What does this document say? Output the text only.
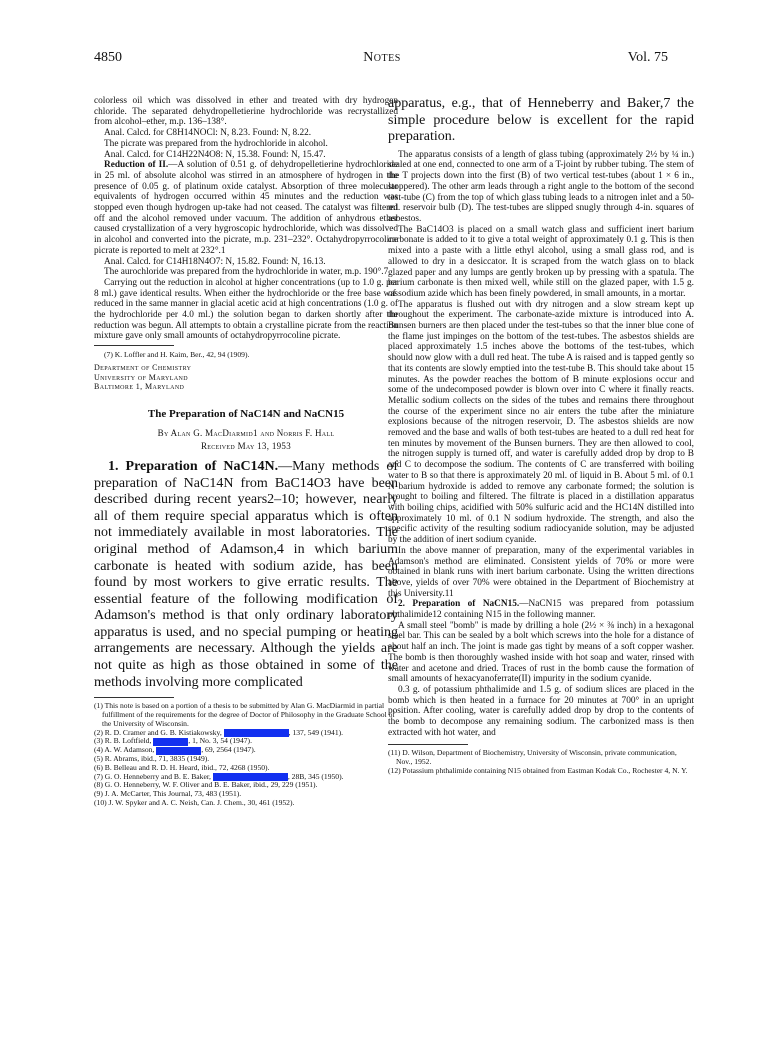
4850	Notes	Vol. 75

colorless oil which was dissolved in ether and treated with dry hydrogen chloride. The separated dehydropelletierine hydrochloride was recrystallized from alcohol–ether, m.p. 136–138°.

Anal. Calcd. for C8H14NOCl: N, 8.23. Found: N, 8.22.

The picrate was prepared from the hydrochloride in alcohol.

Anal. Calcd. for C14H22N4O8: N, 15.38. Found: N, 15.47.

Reduction of II.—A solution of 0.51 g. of dehydropelletierine hydrochloride in 25 ml. of absolute alcohol was stirred in an atmosphere of hydrogen in the presence of 0.05 g. of platinum oxide catalyst. Absorption of three molecular equivalents of hydrogen occurred within 45 minutes and the reduction was stopped even though hydrogen up-take had not ceased. The catalyst was filtered off and the alcohol removed under vacuum. The addition of anhydrous ether caused crystallization of a very hygroscopic hydrochloride, which was dissolved in alcohol and converted into the picrate, m.p. 231–232°. Octahydropyrrocoline picrate is reported to melt at 232°.1

Anal. Calcd. for C14H18N4O7: N, 15.82. Found: N, 16.13.

The aurochloride was prepared from the hydrochloride in water, m.p. 190°.7

Carrying out the reduction in alcohol at higher concentrations (up to 1.0 g. per 8 ml.) gave identical results. When either the hydrochloride or the free base was reduced in the same manner in glacial acetic acid at high concentrations (1.0 g. of the hydrochloride per 4.0 ml.) the solution began to darken shortly after the reduction was begun. All attempts to obtain a crystalline picrate from the reaction mixture gave only small amounts of octahydropyrrocoline picrate.

(7) K. Loffler and H. Kaim, Ber., 42, 94 (1909).

Department of Chemistry
University of Maryland
Baltimore 1, Maryland
The Preparation of NaC14N and NaCN15
By Alan G. MacDiarmid1 and Norris F. Hall
Received May 13, 1953

1. Preparation of NaC14N.—Many methods of preparation of NaC14N from BaC14O3 have been described during recent years2–10; however, nearly all of them require special apparatus which is often not immediately available in most laboratories. The original method of Adamson,4 in which barium carbonate is heated with sodium azide, has been found by most workers to give erratic results. The essential feature of the following modification of Adamson's method is that only ordinary laboratory apparatus is used, and no special pumping or heating arrangements are necessary. Although the yields are not quite as high as those obtained in some of the methods involving more complicated

(1) This note is based on a portion of a thesis to be submitted by Alan G. MacDiarmid in partial fulfillment of the requirements for the degree of Doctor of Philosophy in the Graduate School of the University of Wisconsin.

(2) R. D. Cramer and G. B. Kistiakowsky,	, 137, 549 (1941).

(3) R. B. Loftfield,	, 1, No. 3, 54 (1947).

(4) A. W. Adamson,	, 69, 2564 (1947).

(5) R. Abrams, ibid., 71, 3835 (1949).

(6) B. Belleau and R. D. H. Heard, ibid., 72, 4268 (1950).

(7) G. O. Henneberry and B. E. Baker,	, 28B, 345 (1950).

(8) G. O. Henneberry, W. F. Oliver and B. E. Baker, ibid., 29, 229 (1951).

(9) J. A. McCarter, This Journal, 73, 483 (1951).

(10) J. W. Spyker and A. C. Neish, Can. J. Chem., 30, 461 (1952).

apparatus, e.g., that of Henneberry and Baker,7 the simple procedure below is excellent for the rapid preparation.

The apparatus consists of a length of glass tubing (approximately 2½ by ¼ in.) sealed at one end, connected to one arm of a T-joint by rubber tubing. The stem of the T projects down into the first (B) of two vertical test-tubes (about 1 × 6 in., stoppered). The other arm leads through a right angle to the bottom of the second test-tube (C) from the top of which glass tubing leads to a nitrogen inlet and a 50-ml. reservoir bulb (D). The test-tubes are slipped snugly through 4-in. squares of asbestos.

The BaC14O3 is placed on a small watch glass and sufficient inert barium carbonate is added to it to give a total weight of approximately 0.1 g. This is then mixed into a paste with a little ethyl alcohol, using a small glass rod, and is allowed to dry in a desiccator. It is scraped from the watch glass on to black glazed paper and any lumps are gently broken up by pressing with a spatula. The barium carbonate is then mixed well, while still on the glazed paper, with 1.5 g. of sodium azide which has been finely powdered, in small amounts, in a mortar.

The apparatus is flushed out with dry nitrogen and a slow stream kept up throughout the experiment. The carbonate-azide mixture is introduced into A. Bunsen burners are then placed under the test-tubes so that the inner blue cone of the flame just impinges on the bottom of the test-tubes. The asbestos shields are placed approximately 1.5 inches above the bottoms of the test-tubes, which should now glow with a dull red heat. The tube A is raised and is tapped gently so that its contents are slowly emptied into the test-tube B. This should take about 15 minutes. As the powder reaches the bottom of B minute explosions occur and some of the undecomposed powder is blown over into C where it finally reacts. Metallic sodium collects on the sides of the tubes and remains there throughout the course of the experiment since no air enters the tube after the miniature explosions because of the nitrogen reservoir, D. The asbestos shields are now removed and the base and walls of both test-tubes are heated to a dull red heat for ten minutes by movement of the Bunsen burners. They are then allowed to cool, the nitrogen supply is turned off, and water is carefully added drop by drop to B and C to decompose the sodium. The contents of C are transferred with boiling water to B so that there is approximately 20 ml. of liquid in B. About 5 ml. of 0.1 N barium hydroxide is added to remove any carbonate formed; the solution is brought to boiling and filtered. The filtrate is placed in a distillation apparatus with boiling chips, acidified with 50% sulfuric acid and the HC14N distilled into approximately 10 ml. of 0.1 N sodium hydroxide. The strength, and also the specific activity of the resulting sodium radiocyanide solution, may be adjusted by the addition of inert sodium cyanide.

In the above manner of preparation, many of the experimental variables in Adamson's method are eliminated. Consistent yields of 70% or more were obtained in blank runs with inert barium carbonate. Using the written directions above, yields of over 70% were obtained in the Department of Biochemistry at this University.11

2. Preparation of NaCN15.—NaCN15 was prepared from potassium phthalimide12 containing N15 in the following manner.

A small steel "bomb" is made by drilling a hole (2½ × ⅜ inch) in a hexagonal steel bar. This can be sealed by a bolt which screws into the hole for a distance of about half an inch. The joint is made gas tight by means of a soft copper washer. The bomb is then thoroughly washed inside with hot soap and water, rinsed with water and acetone and dried. Traces of rust in the bomb cause the formation of small amounts of hexacyanoferrate(II) impurity in the sodium cyanide.

0.3 g. of potassium phthalimide and 1.5 g. of sodium slices are placed in the bomb which is then heated in a furnace for 20 minutes at 700° in an upright position. After cooling, water is carefully added drop by drop to the contents of the bomb to decompose any remaining sodium. The carbonized mass is then extracted with hot water, and

(11) D. Wilson, Department of Biochemistry, University of Wisconsin, private communication, Nov., 1952.

(12) Potassium phthalimide containing N15 obtained from Eastman Kodak Co., Rochester 4, N. Y.
